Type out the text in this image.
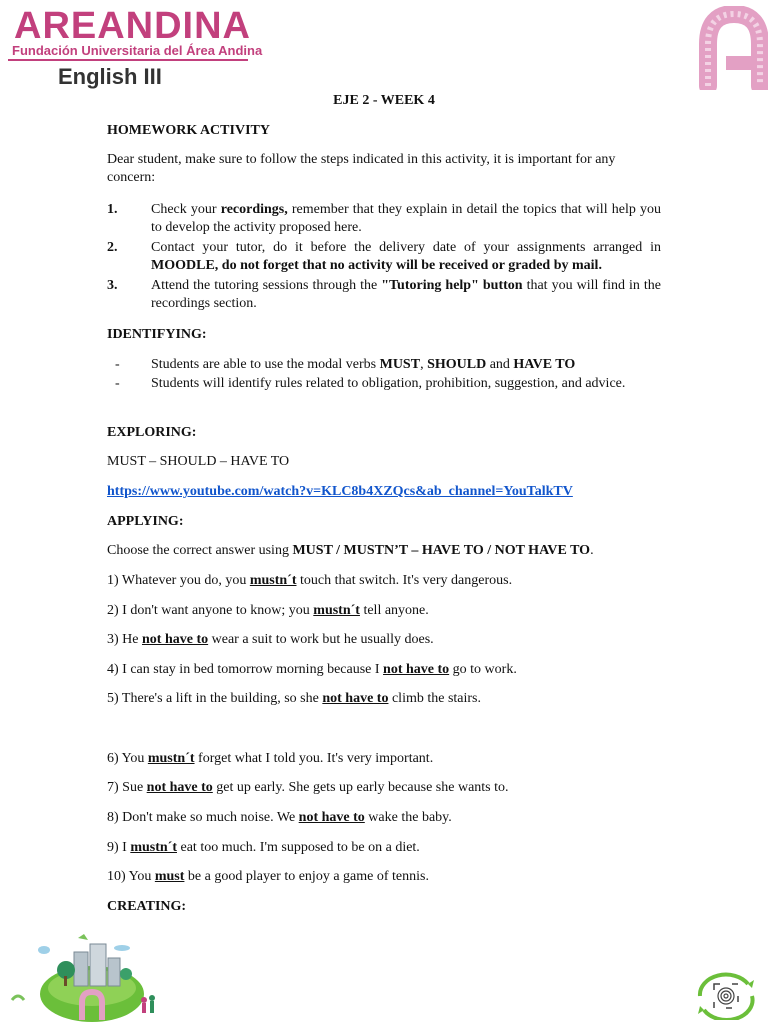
AREANDINA
Fundación Universitaria del Área Andina
English III
EJE 2 - WEEK 4
HOMEWORK ACTIVITY
Dear student, make sure to follow the steps indicated in this activity, it is important for any concern:
1. Check your recordings, remember that they explain in detail the topics that will help you to develop the activity proposed here.
2. Contact your tutor, do it before the delivery date of your assignments arranged in MOODLE, do not forget that no activity will be received or graded by mail.
3. Attend the tutoring sessions through the "Tutoring help" button that you will find in the recordings section.
IDENTIFYING:
- Students are able to use the modal verbs MUST, SHOULD and HAVE TO
- Students will identify rules related to obligation, prohibition, suggestion, and advice.
EXPLORING:
MUST – SHOULD – HAVE TO
https://www.youtube.com/watch?v=KLC8b4XZQcs&ab_channel=YouTalkTV
APPLYING:
Choose the correct answer using MUST / MUSTN’T – HAVE TO / NOT HAVE TO.
1) Whatever you do, you mustn´t touch that switch. It's very dangerous.
2) I don't want anyone to know; you mustn´t tell anyone.
3) He not have to wear a suit to work but he usually does.
4) I can stay in bed tomorrow morning because I not have to go to work.
5) There's a lift in the building, so she not have to climb the stairs.
6) You mustn´t forget what I told you. It's very important.
7) Sue not have to get up early. She gets up early because she wants to.
8) Don't make so much noise. We not have to wake the baby.
9) I mustn´t eat too much. I'm supposed to be on a diet.
10) You must be a good player to enjoy a game of tennis.
CREATING:
